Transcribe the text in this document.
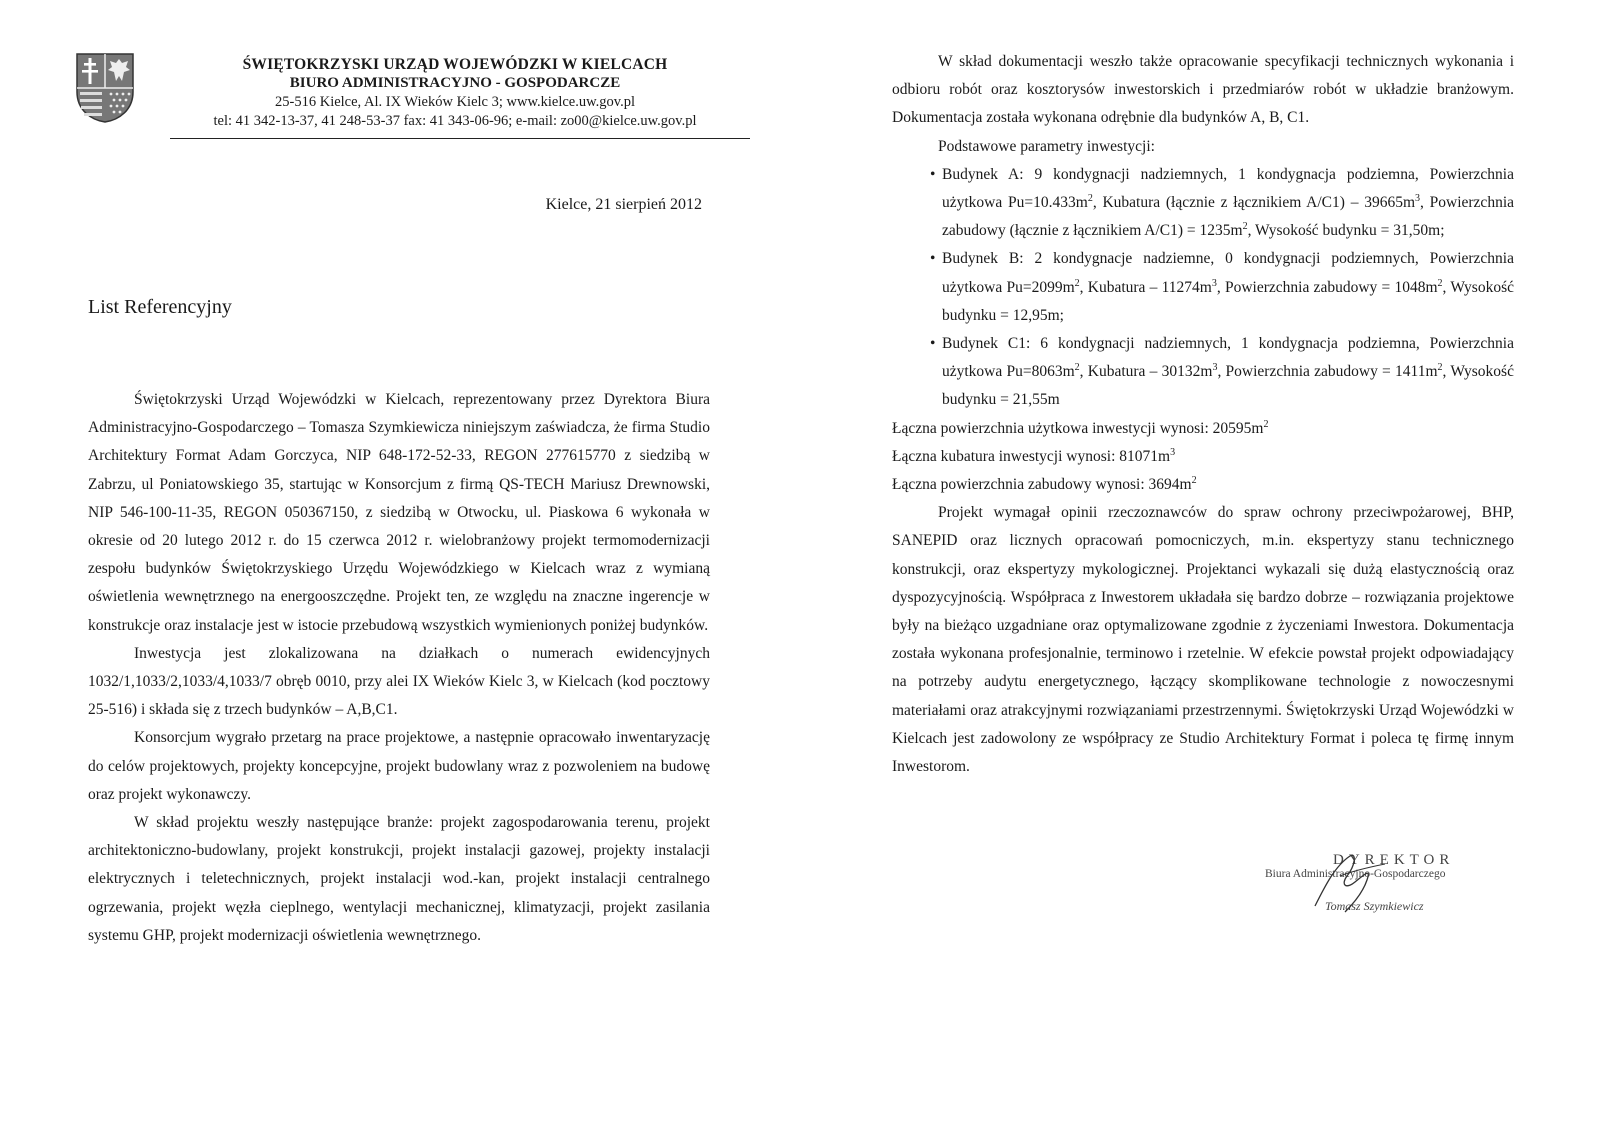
ŚWIĘTOKRZYSKI URZĄD WOJEWÓDZKI W KIELCACH

BIURO ADMINISTRACYJNO - GOSPODARCZE

25-516 Kielce, Al. IX Wieków Kielc 3; www.kielce.uw.gov.pl

tel: 41 342-13-37, 41 248-53-37 fax: 41 343-06-96; e-mail: zo00@kielce.uw.gov.pl

Kielce, 21 sierpień 2012
List Referencyjny

Świętokrzyski Urząd Wojewódzki w Kielcach, reprezentowany przez Dyrektora Biura Administracyjno-Gospodarczego – Tomasza Szymkiewicza niniejszym zaświadcza, że firma Studio Architektury Format Adam Gorczyca, NIP 648-172-52-33, REGON 277615770 z siedzibą w Zabrzu, ul Poniatowskiego 35, startując w Konsorcjum z firmą QS-TECH Mariusz Drewnowski, NIP 546-100-11-35, REGON 050367150, z siedzibą w Otwocku, ul. Piaskowa 6 wykonała w okresie od 20 lutego 2012 r. do 15 czerwca 2012 r. wielobranżowy projekt termomodernizacji zespołu budynków Świętokrzyskiego Urzędu Wojewódzkiego w Kielcach wraz z wymianą oświetlenia wewnętrznego na energooszczędne. Projekt ten, ze względu na znaczne ingerencje w konstrukcje oraz instalacje jest w istocie przebudową wszystkich wymienionych poniżej budynków.

Inwestycja jest zlokalizowana na działkach o numerach ewidencyjnych 1032/1,1033/2,1033/4,1033/7 obręb 0010, przy alei IX Wieków Kielc 3, w Kielcach (kod pocztowy 25-516) i składa się z trzech budynków – A,B,C1.

Konsorcjum wygrało przetarg na prace projektowe, a następnie opracowało inwentaryzację do celów projektowych, projekty koncepcyjne, projekt budowlany wraz z pozwoleniem na budowę oraz projekt wykonawczy.

W skład projektu weszły następujące branże: projekt zagospodarowania terenu, projekt architektoniczno-budowlany, projekt konstrukcji, projekt instalacji gazowej, projekty instalacji elektrycznych i teletechnicznych, projekt instalacji wod.-kan, projekt instalacji centralnego ogrzewania, projekt węzła cieplnego, wentylacji mechanicznej, klimatyzacji, projekt zasilania systemu GHP, projekt modernizacji oświetlenia wewnętrznego.

W skład dokumentacji weszło także opracowanie specyfikacji technicznych wykonania i odbioru robót oraz kosztorysów inwestorskich i przedmiarów robót w układzie branżowym. Dokumentacja została wykonana odrębnie dla budynków A, B, C1.

Podstawowe parametry inwestycji:

• Budynek A: 9 kondygnacji nadziemnych, 1 kondygnacja podziemna, Powierzchnia użytkowa $Pu=10.433m^2$, Kubatura (łącznie z łącznikiem $A/C1) - 39665m^3$, Powierzchnia zabudowy (łącznie z łącznikiem $A/C1) = 1235m^2$, Wysokość budynku = 31,50m;
• Budynek B: 2 kondygnacje nadziemne, 0 kondygnacji podziemnych, Powierzchnia użytkowa $Pu=2099m^2$, Kubatura – $11274m^3$, Powierzchnia zabudowy = $1048m^2$, Wysokość budynku = 12,95m;
• Budynek C1: 6 kondygnacji nadziemnych, 1 kondygnacja podziemna, Powierzchnia użytkowa $Pu=8063m^2$, Kubatura – $30132m^3$, Powierzchnia zabudowy = $1411m^2$, Wysokość budynku = 21,55m

Łączna powierzchnia użytkowa inwestycji wynosi: $20595m^2$

Łączna kubatura inwestycji wynosi: $81071m^3$

Łączna powierzchnia zabudowy wynosi: $3694m^2$

Projekt wymagał opinii rzeczoznawców do spraw ochrony przeciwpożarowej, BHP, SANEPID oraz licznych opracowań pomocniczych, m.in. ekspertyzy stanu technicznego konstrukcji, oraz ekspertyzy mykologicznej. Projektanci wykazali się dużą elastycznością oraz dyspozycyjnością. Współpraca z Inwestorem układała się bardzo dobrze – rozwiązania projektowe były na bieżąco uzgadniane oraz optymalizowane zgodnie z życzeniami Inwestora. Dokumentacja została wykonana profesjonalnie, terminowo i rzetelnie. W efekcie powstał projekt odpowiadający na potrzeby audytu energetycznego, łączący skomplikowane technologie z nowoczesnymi materiałami oraz atrakcyjnymi rozwiązaniami przestrzennymi. Świętokrzyski Urząd Wojewódzki w Kielcach jest zadowolony ze współpracy ze Studio Architektury Format i poleca tę firmę innym Inwestorom.

DYREKTOR
Biura Administracyjno-Gospodarczego
Tomasz Szymkiewicz
